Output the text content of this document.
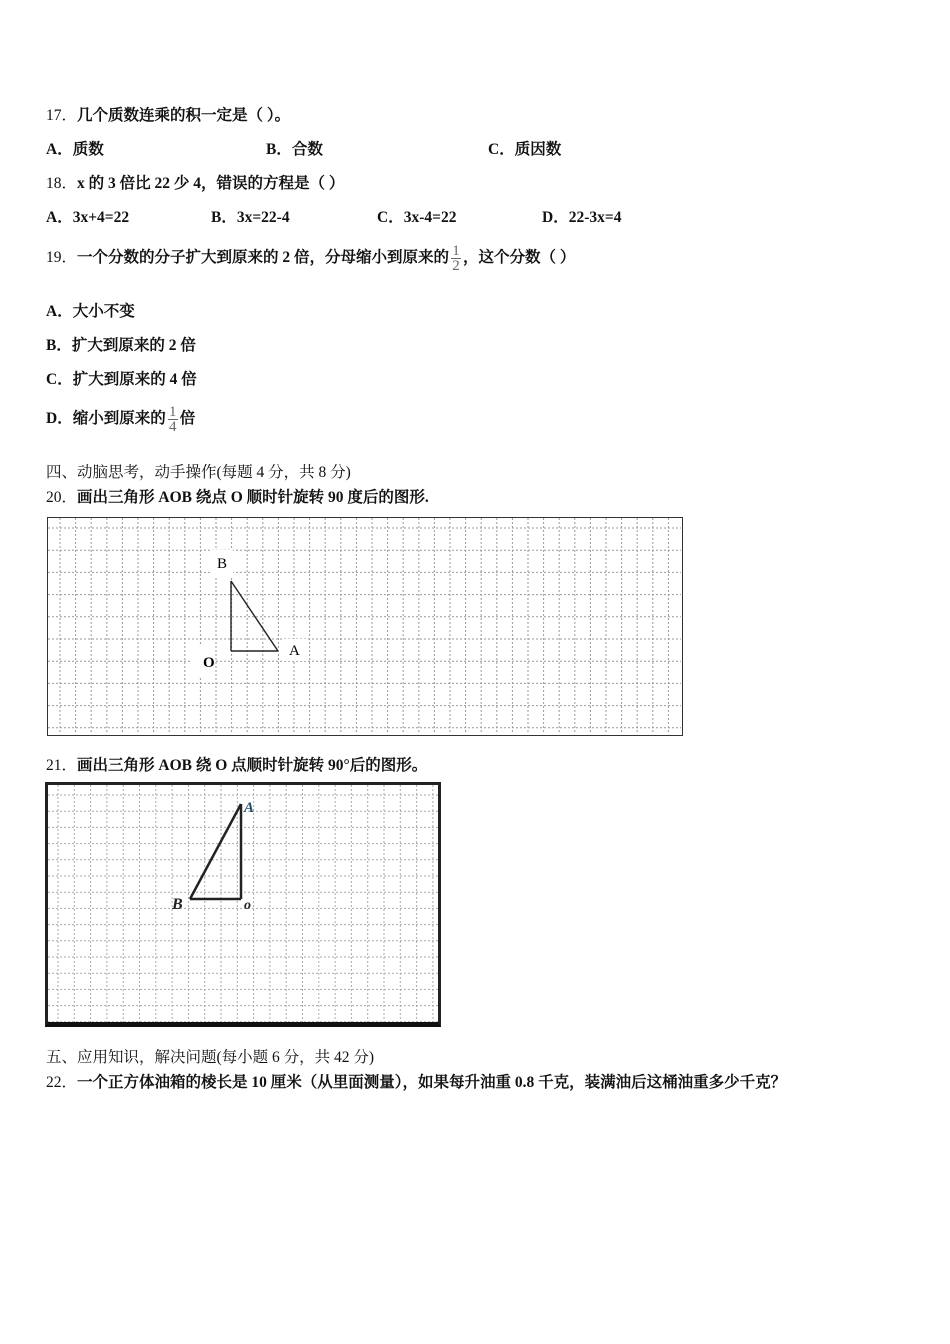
17．几个质数连乘的积一定是（ ）。
A．质数	B．合数	C．质因数
18．x 的 3 倍比 22 少 4，错误的方程是（ ）
A．3x+4=22	B．3x=22-4	C．3x-4=22	D．22-3x=4
19．一个分数的分子扩大到原来的 2 倍，分母缩小到原来的 $\frac{1}{2}$ ，这个分数（ ）
A．大小不变
B．扩大到原来的 2 倍
C．扩大到原来的 4 倍
D．缩小到原来的 $\frac{1}{4}$ 倍
四、动脑思考，动手操作(每题 4 分，共 8 分)
20．画出三角形 AOB 绕点 O 顺时针旋转 90 度后的图形.
B
A
O
21．画出三角形 AOB 绕 O 点顺时针旋转 90°后的图形。
A
B	o
五、应用知识，解决问题(每小题 6 分，共 42 分)
22．一个正方体油箱的棱长是 10 厘米（从里面测量），如果每升油重 0.8 千克，装满油后这桶油重多少千克？
